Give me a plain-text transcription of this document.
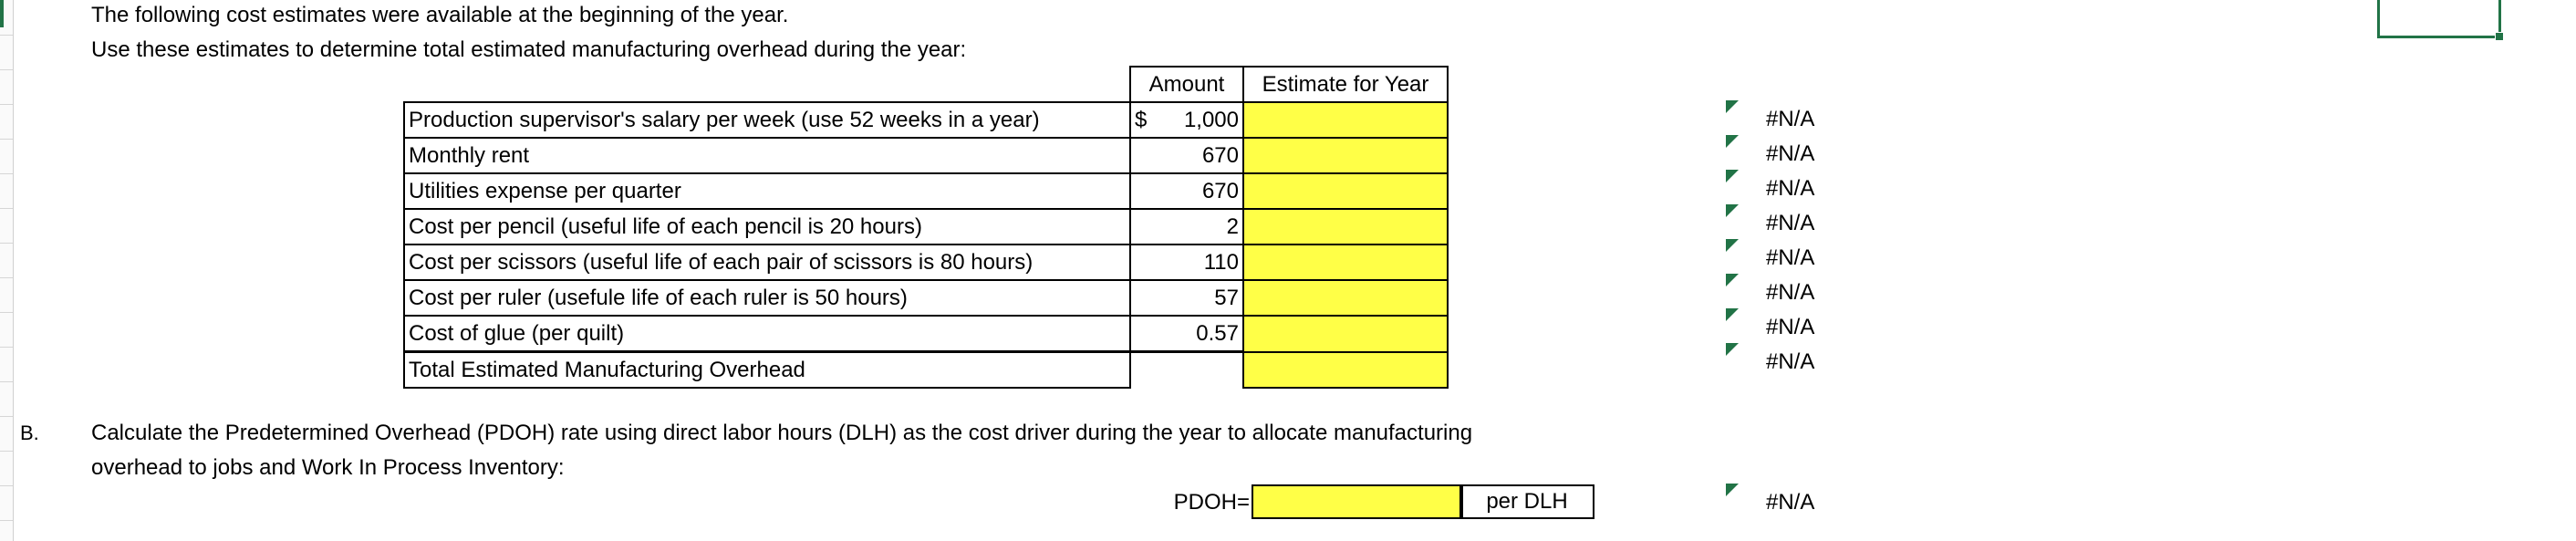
The following cost estimates were available at the beginning of the year.
Use these estimates to determine total estimated manufacturing overhead during the year:
	Amount	Estimate for Year
Production supervisor's salary per week (use 52 weeks in a year)	$ 1,000	
Monthly rent	670	
Utilities expense per quarter	670	
Cost per pencil (useful life of each pencil is 20 hours)	2	
Cost per scissors (useful life of each pair of scissors is 80 hours)	110	
Cost per ruler (usefule life of each ruler is 50 hours)	57	
Cost of glue (per quilt)	0.57	
Total Estimated Manufacturing Overhead		
#N/A
#N/A
#N/A
#N/A
#N/A
#N/A
#N/A
#N/A
B. Calculate the Predetermined Overhead (PDOH) rate using direct labor hours (DLH) as the cost driver during the year to allocate manufacturing
overhead to jobs and Work In Process Inventory:
PDOH=	per DLH	#N/A
